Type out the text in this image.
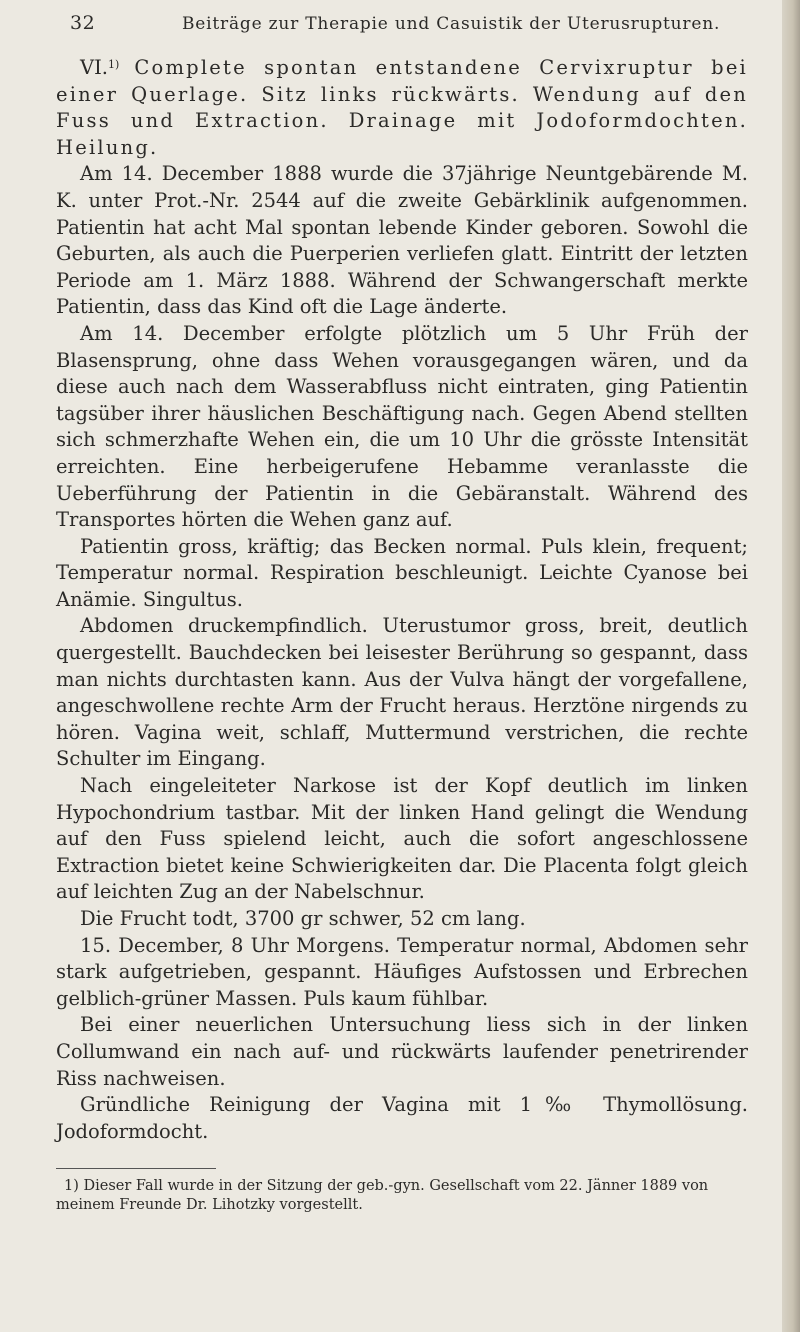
32	Beiträge zur Therapie und Casuistik der Uterusrupturen.

VI.$^{1)}$ Complete spontan entstandene Cervixruptur bei einer Querlage. Sitz links rückwärts. Wendung auf den Fuss und Extraction. Drainage mit Jodoformdochten. Heilung.

Am 14. December 1888 wurde die 37jährige Neuntgebärende M. K. unter Prot.-Nr. 2544 auf die zweite Gebärklinik aufgenommen. Patientin hat acht Mal spontan lebende Kinder geboren. Sowohl die Geburten, als auch die Puerperien verliefen glatt. Eintritt der letzten Periode am 1. März 1888. Während der Schwangerschaft merkte Patientin, dass das Kind oft die Lage änderte.

Am 14. December erfolgte plötzlich um 5 Uhr Früh der Blasensprung, ohne dass Wehen vorausgegangen wären, und da diese auch nach dem Wasserabfluss nicht eintraten, ging Patientin tagsüber ihrer häuslichen Beschäftigung nach. Gegen Abend stellten sich schmerzhafte Wehen ein, die um 10 Uhr die grösste Intensität erreichten. Eine herbeigerufene Hebamme veranlasste die Ueberführung der Patientin in die Gebäranstalt. Während des Transportes hörten die Wehen ganz auf.

Patientin gross, kräftig; das Becken normal. Puls klein, frequent; Temperatur normal. Respiration beschleunigt. Leichte Cyanose bei Anämie. Singultus.

Abdomen druckempfindlich. Uterustumor gross, breit, deutlich quergestellt. Bauchdecken bei leisester Berührung so gespannt, dass man nichts durchtasten kann. Aus der Vulva hängt der vorgefallene, angeschwollene rechte Arm der Frucht heraus. Herztöne nirgends zu hören. Vagina weit, schlaff, Muttermund verstrichen, die rechte Schulter im Eingang.

Nach eingeleiteter Narkose ist der Kopf deutlich im linken Hypochondrium tastbar. Mit der linken Hand gelingt die Wendung auf den Fuss spielend leicht, auch die sofort angeschlossene Extraction bietet keine Schwierigkeiten dar. Die Placenta folgt gleich auf leichten Zug an der Nabelschnur.

Die Frucht todt, 3700 gr schwer, 52 cm lang.

15. December, 8 Uhr Morgens. Temperatur normal, Abdomen sehr stark aufgetrieben, gespannt. Häufiges Aufstossen und Erbrechen gelblich-grüner Massen. Puls kaum fühlbar.

Bei einer neuerlichen Untersuchung liess sich in der linken Collumwand ein nach auf- und rückwärts laufender penetrirender Riss nachweisen.

Gründliche Reinigung der Vagina mit 1‰ Thymollösung. Jodoformdocht.

1) Dieser Fall wurde in der Sitzung der geb.-gyn. Gesellschaft vom 22. Jänner 1889 von meinem Freunde Dr. Lihotzky vorgestellt.
